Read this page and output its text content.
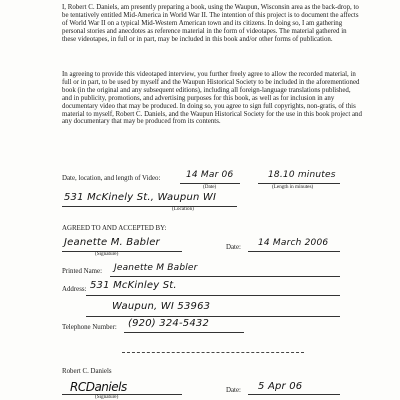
I, Robert C. Daniels, am presently preparing a book, using the Waupun, Wisconsin area as the back-drop, to be tentatively entitled Mid-America in World War II. The intention of this project is to document the affects of World War II on a typical Mid-Western American town and its citizens. In doing so, I am gathering personal stories and anecdotes as reference material in the form of videotapes. The material gathered in these videotapes, in full or in part, may be included in this book and/or other forms of publication.
In agreeing to provide this videotaped interview, you further freely agree to allow the recorded material, in full or in part, to be used by myself and the Waupun Historical Society to be included in the aforementioned book (in the original and any subsequent editions), including all foreign-language translations published, and in publicity, promotions, and advertising purposes for this book, as well as for inclusion in any documentary video that may be produced. In doing so, you agree to sign full copyrights, non-gratis, of this material to myself, Robert C. Daniels, and the Waupun Historical Society for the use in this book project and any documentary that may be produced from its contents.
Date, location, and length of Video:	14 Mar 06
(Date)
18.10 minutes
(Length in minutes)
531 McKinely St., Waupun WI
(Location)
AGREED TO AND ACCEPTED BY:
Jeanette M. Babler
(Signature)
Date: 14 March 2006
Printed Name: Jeanette M Babler
Address: 531 McKinley St.
Waupun, WI 53963
Telephone Number: (920) 324-5432
Robert C. Daniels
RCDaniels
(Signature)
Date: 5 Apr 06
